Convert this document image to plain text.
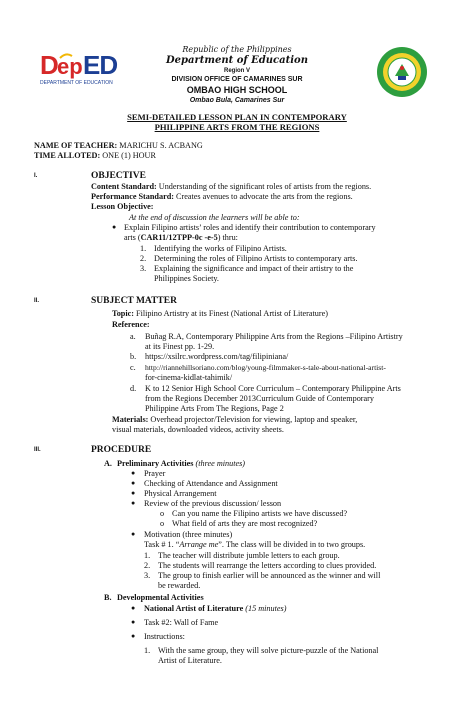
D ep ED
DEPARTMENT OF EDUCATION
Republic of the Philippines
Department of Education
Region V
DIVISION OFFICE OF CAMARINES SUR
OMBAO HIGH SCHOOL
Ombao Bula, Camarines Sur
SEMI-DETAILED LESSON PLAN IN CONTEMPORARY
PHILIPPINE ARTS FROM THE REGIONS
NAME OF TEACHER: MARICHU S. ACBANG
TIME ALLOTED: ONE (1) HOUR
I.	OBJECTIVE
Content Standard: Understanding of the significant roles of artists from the regions.
Performance Standard: Creates avenues to advocate the arts from the regions.
Lesson Objective:
At the end of discussion the learners will be able to:
● Explain Filipino artists’ roles and identify their contribution to contemporary
arts (CAR11/12TPP-0c -e-5) thru:
1. Identifying the works of Filipino Artists.
2. Determining the roles of Filipino Artists to contemporary arts.
3. Explaining the significance and impact of their artistry to the
Philippines Society.
II.	SUBJECT MATTER
Topic: Filipino Artistry at its Finest (National Artist of Literature)
Reference:
a. Buñag R.A, Contemporary Philippine Arts from the Regions –Filipino Artistry
at its Finest pp. 1-29.
b. https://xsilrc.wordpress.com/tag/filipiniana/
c. http://riannehillsoriano.com/blog/young-filmmaker-s-tale-about-national-artist-
for-cinema-kidlat-tahimik/
d. K to 12 Senior High School Core Curriculum – Contemporary Philippine Arts
from the Regions December 2013Curriculum Guide of Contemporary
Philippine Arts From The Regions, Page 2
Materials: Overhead projector/Television for viewing, laptop and speaker,
visual materials, downloaded videos, activity sheets.
III.	PROCEDURE
A. Preliminary Activities (three minutes)
● Prayer
● Checking of Attendance and Assignment
● Physical Arrangement
● Review of the previous discussion/ lesson
o Can you name the Filipino artists we have discussed?
o What field of arts they are most recognized?
● Motivation (three minutes)
Task # 1. “Arrange me”. The class will be divided in to two groups.
1. The teacher will distribute jumble letters to each group.
2. The students will rearrange the letters according to clues provided.
3. The group to finish earlier will be announced as the winner and will
be rewarded.
B. Developmental Activities
● National Artist of Literature (15 minutes)
● Task #2: Wall of Fame
● Instructions:
1. With the same group, they will solve picture-puzzle of the National
Artist of Literature.
